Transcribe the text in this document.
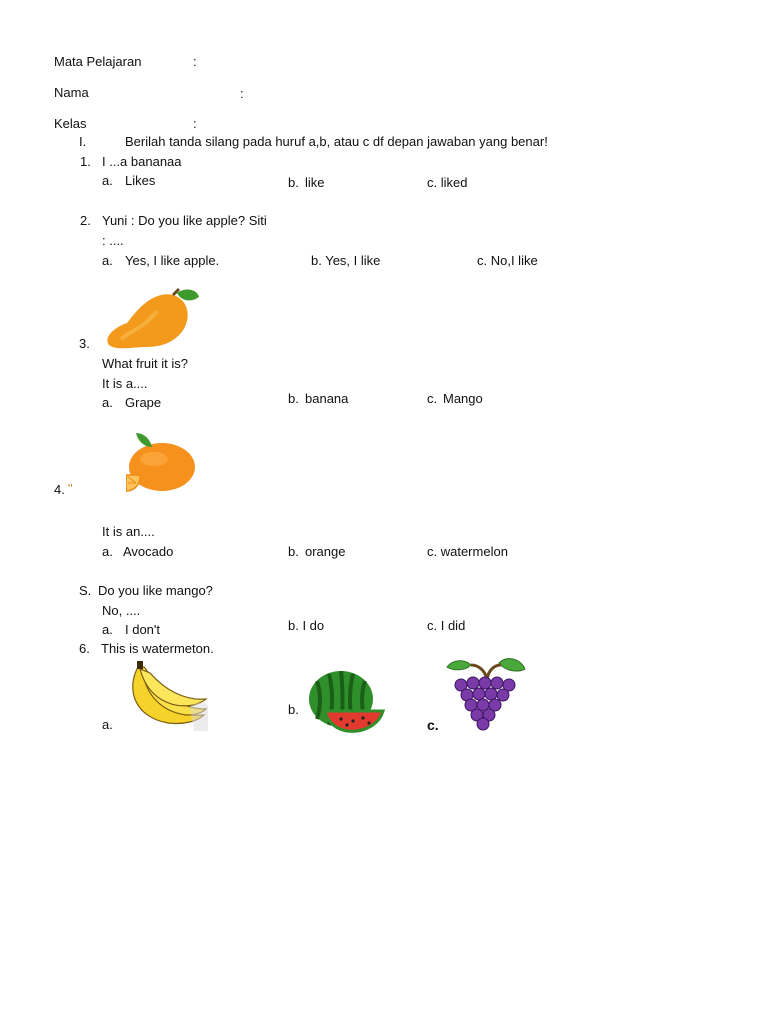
Mata Pelajaran	:
Nama	:
Kelas	:
I.	Berilah tanda silang pada huruf a,b, atau c df depan jawaban yang benar!
1. I ...a bananaa
a. Likes	b. like	c. liked
2. Yuni : Do you like apple? Siti
: ....
a. Yes, I like apple.	b. Yes, I like	c. No,I like
3.
What fruit it is?
It is a....
a. Grape	b. banana	c. Mango
4. "
It is an....
a. Avocado	b. orange	c. watermelon
S. Do you like mango?
No, ....
a. I don't	b. I do	c. I did
6. This is watermeton.
a.
b.
c.
